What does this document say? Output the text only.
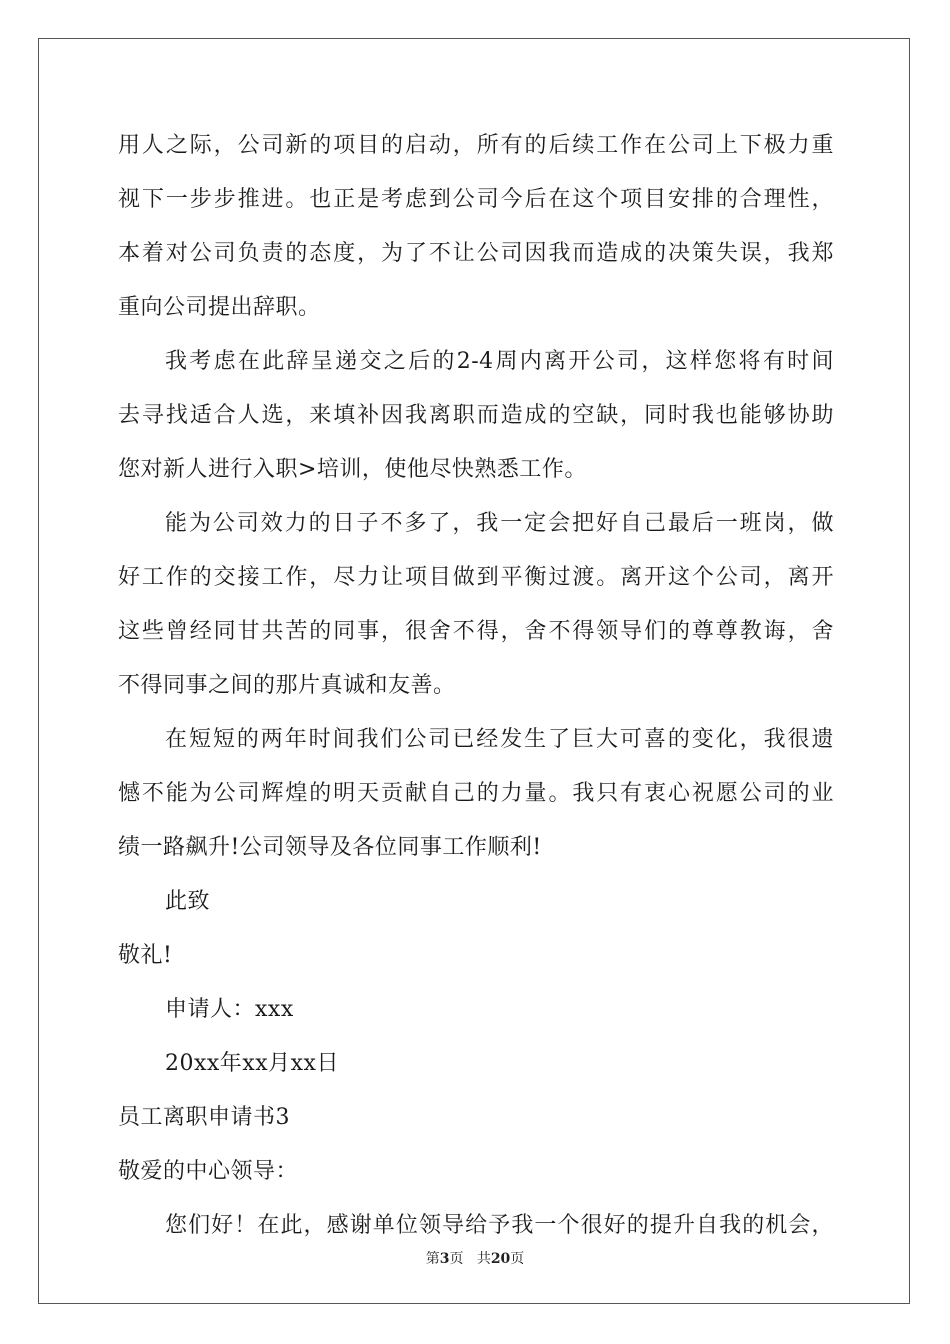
用人之际，公司新的项目的启动，所有的后续工作在公司上下极力重
视下一步步推进。也正是考虑到公司今后在这个项目安排的合理性，
本着对公司负责的态度，为了不让公司因我而造成的决策失误，我郑
重向公司提出辞职。
我考虑在此辞呈递交之后的2-4周内离开公司，这样您将有时间
去寻找适合人选，来填补因我离职而造成的空缺，同时我也能够协助
您对新人进行入职>培训，使他尽快熟悉工作。
能为公司效力的日子不多了，我一定会把好自己最后一班岗，做
好工作的交接工作，尽力让项目做到平衡过渡。离开这个公司，离开
这些曾经同甘共苦的同事，很舍不得，舍不得领导们的尊尊教诲，舍
不得同事之间的那片真诚和友善。
在短短的两年时间我们公司已经发生了巨大可喜的变化，我很遗
憾不能为公司辉煌的明天贡献自己的力量。我只有衷心祝愿公司的业
绩一路飙升!公司领导及各位同事工作顺利!
此致
敬礼!
申请人：xxx
20xx年xx月xx日
员工离职申请书3
敬爱的中心领导：
您们好！在此，感谢单位领导给予我一个很好的提升自我的机会，
第3页 共20页
